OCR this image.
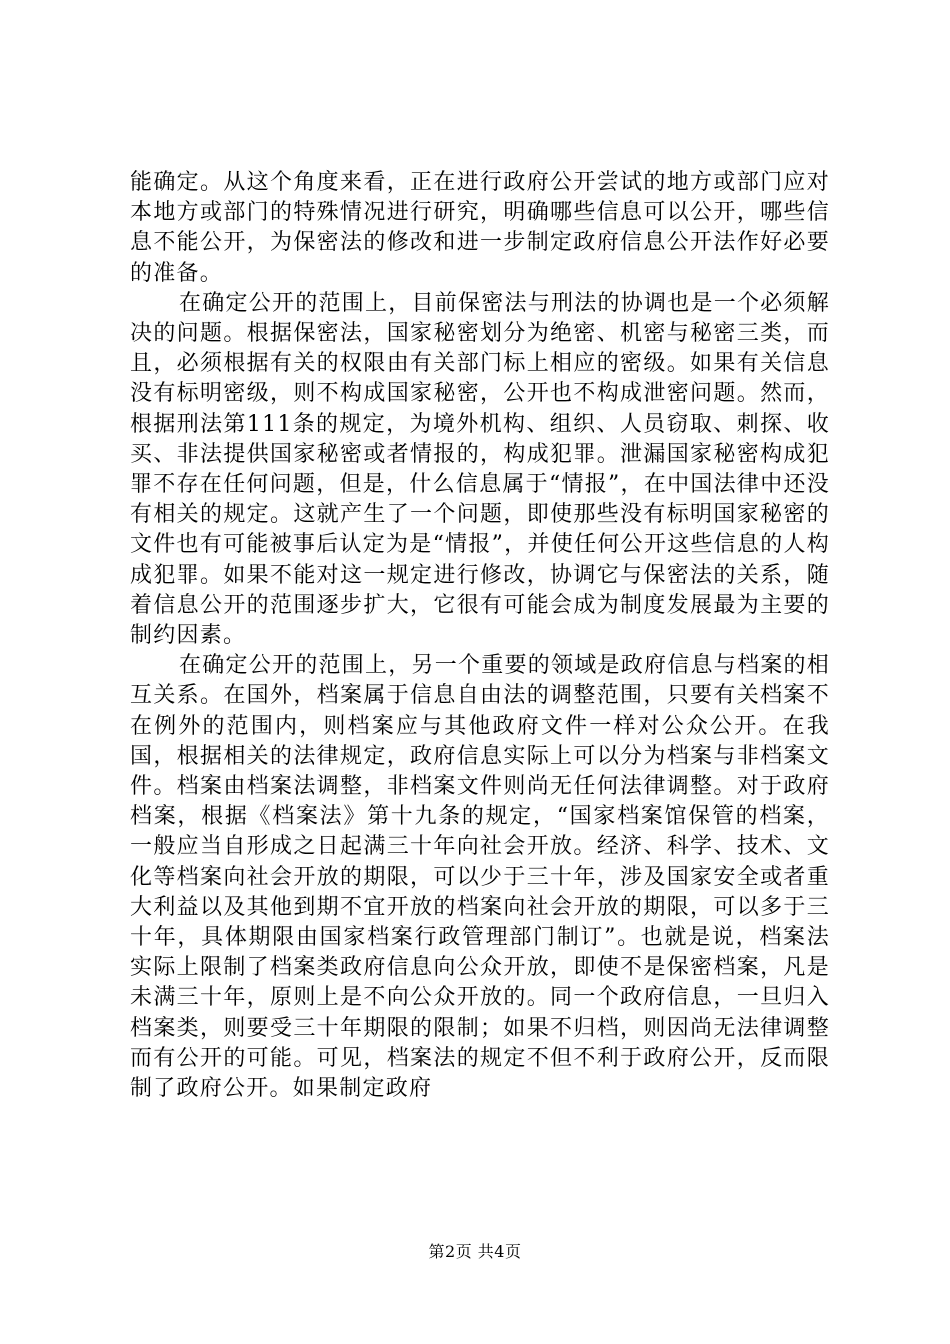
能确定。从这个角度来看，正在进行政府公开尝试的地方或部门应对本地方或部门的特殊情况进行研究，明确哪些信息可以公开，哪些信息不能公开，为保密法的修改和进一步制定政府信息公开法作好必要的准备。

在确定公开的范围上，目前保密法与刑法的协调也是一个必须解决的问题。根据保密法，国家秘密划分为绝密、机密与秘密三类，而且，必须根据有关的权限由有关部门标上相应的密级。如果有关信息没有标明密级，则不构成国家秘密，公开也不构成泄密问题。然而，根据刑法第111条的规定，为境外机构、组织、人员窃取、刺探、收买、非法提供国家秘密或者情报的，构成犯罪。泄漏国家秘密构成犯罪不存在任何问题，但是，什么信息属于“情报”，在中国法律中还没有相关的规定。这就产生了一个问题，即使那些没有标明国家秘密的文件也有可能被事后认定为是“情报”，并使任何公开这些信息的人构成犯罪。如果不能对这一规定进行修改，协调它与保密法的关系，随着信息公开的范围逐步扩大，它很有可能会成为制度发展最为主要的制约因素。

在确定公开的范围上，另一个重要的领域是政府信息与档案的相互关系。在国外，档案属于信息自由法的调整范围，只要有关档案不在例外的范围内，则档案应与其他政府文件一样对公众公开。在我国，根据相关的法律规定，政府信息实际上可以分为档案与非档案文件。档案由档案法调整，非档案文件则尚无任何法律调整。对于政府档案，根据《档案法》第十九条的规定，“国家档案馆保管的档案，一般应当自形成之日起满三十年向社会开放。经济、科学、技术、文化等档案向社会开放的期限，可以少于三十年，涉及国家安全或者重大利益以及其他到期不宜开放的档案向社会开放的期限，可以多于三十年，具体期限由国家档案行政管理部门制订”。也就是说，档案法实际上限制了档案类政府信息向公众开放，即使不是保密档案，凡是未满三十年，原则上是不向公众开放的。同一个政府信息，一旦归入档案类，则要受三十年期限的限制；如果不归档，则因尚无法律调整而有公开的可能。可见，档案法的规定不但不利于政府公开，反而限制了政府公开。如果制定政府

第2页 共4页
